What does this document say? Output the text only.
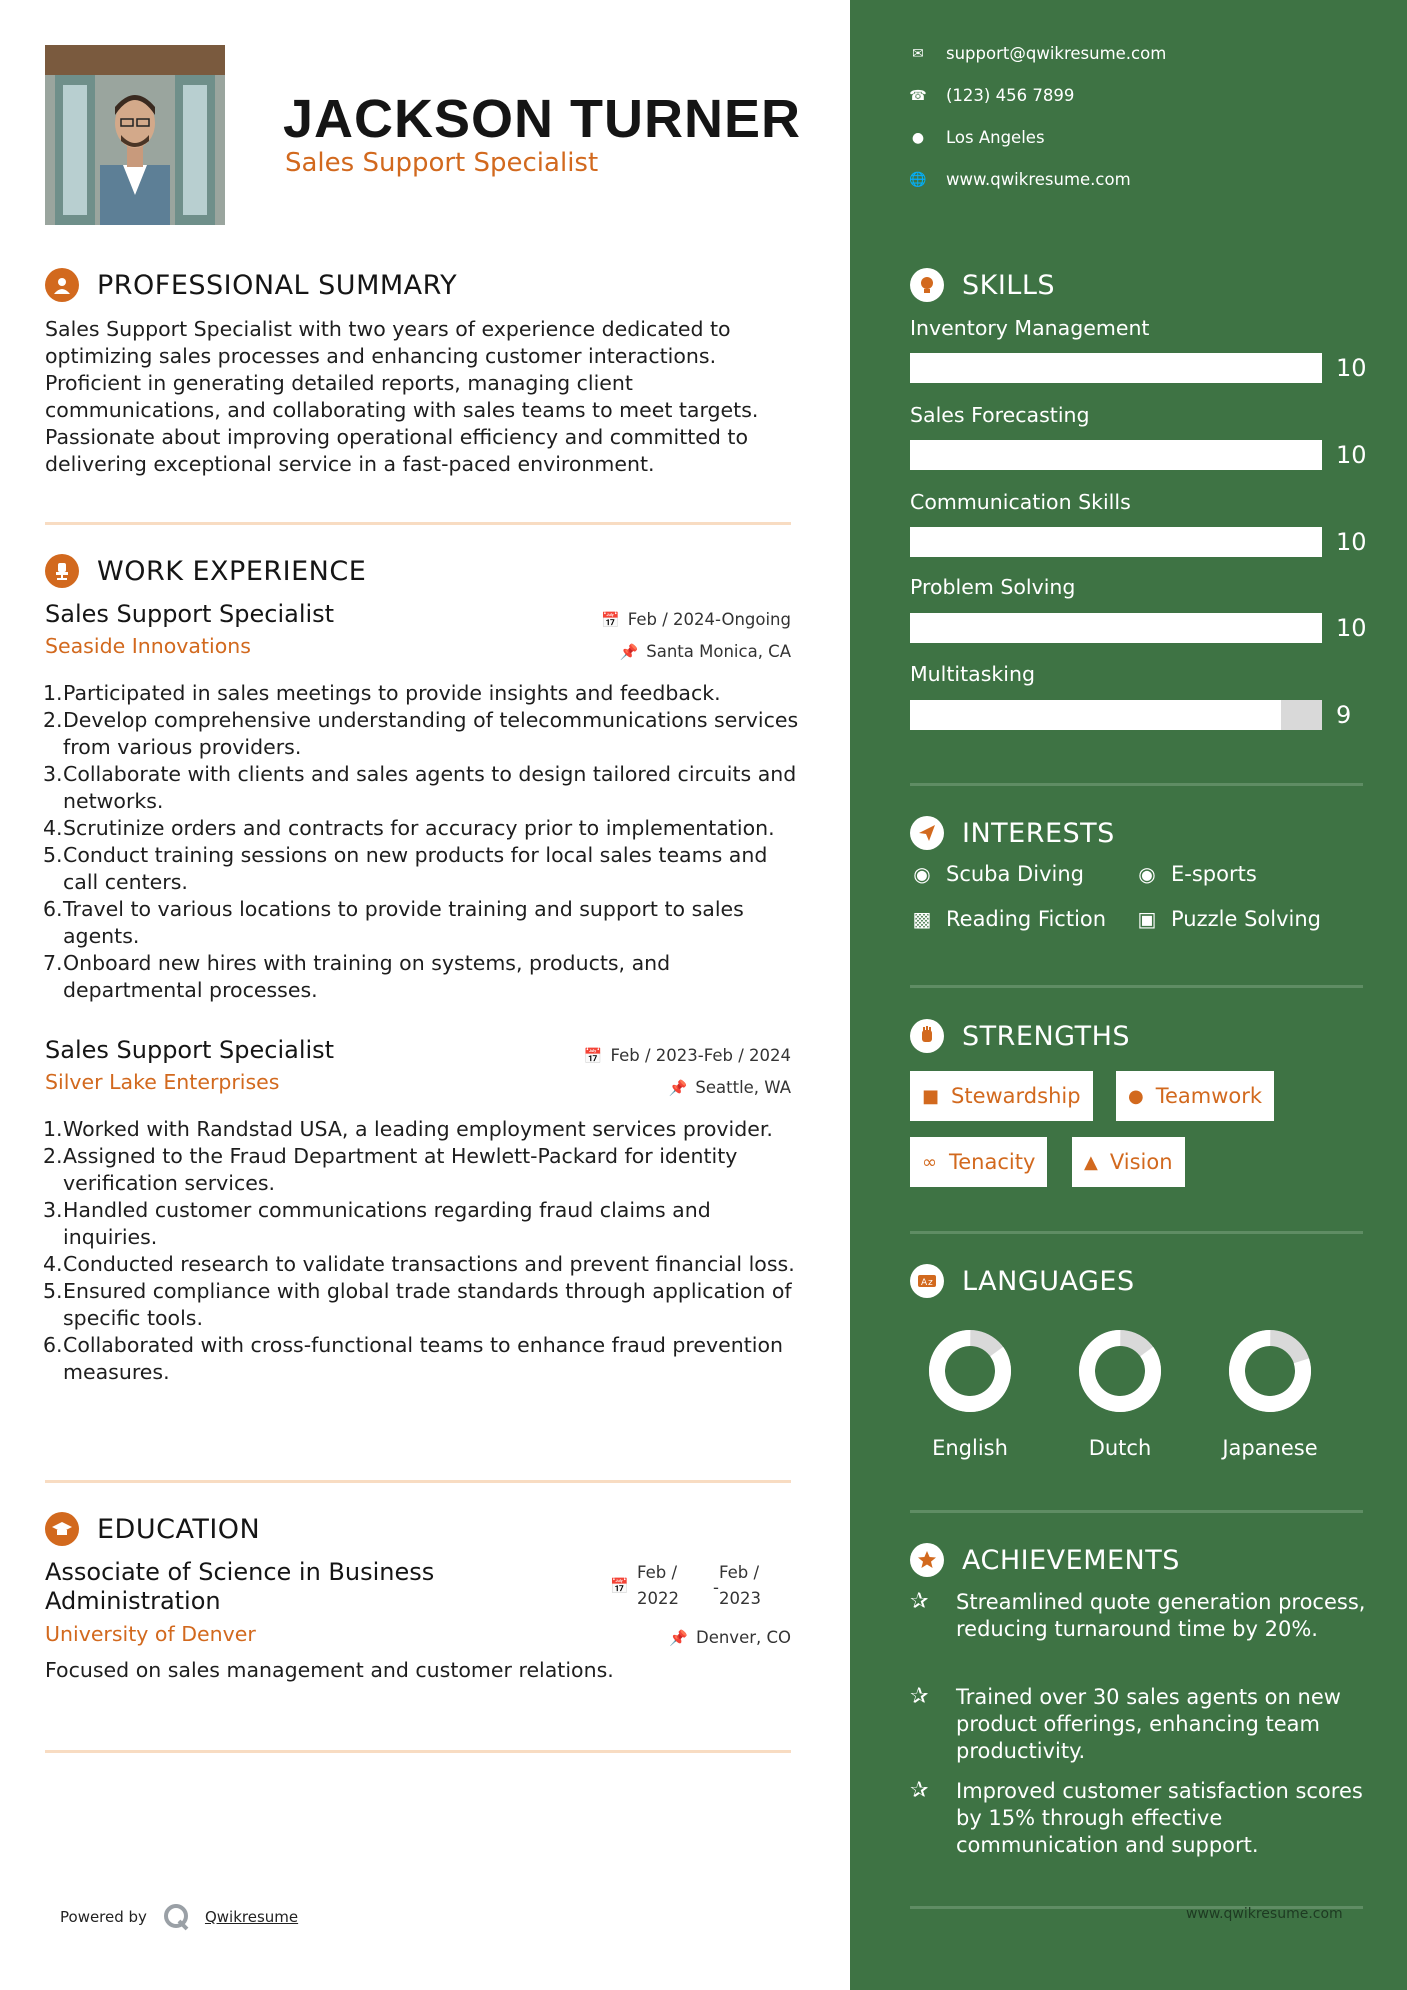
JACKSON TURNER
Sales Support Specialist
PROFESSIONAL SUMMARY
Sales Support Specialist with two years of experience dedicated to optimizing sales processes and enhancing customer interactions. Proficient in generating detailed reports, managing client communications, and collaborating with sales teams to meet targets. Passionate about improving operational efficiency and committed to delivering exceptional service in a fast-paced environment.
WORK EXPERIENCE
Sales Support Specialist
Seaside Innovations
📅 Feb / 2024-Ongoing
📌 Santa Monica, CA
1. Participated in sales meetings to provide insights and feedback.
2. Develop comprehensive understanding of telecommunications services from various providers.
3. Collaborate with clients and sales agents to design tailored circuits and networks.
4. Scrutinize orders and contracts for accuracy prior to implementation.
5. Conduct training sessions on new products for local sales teams and call centers.
6. Travel to various locations to provide training and support to sales agents.
7. Onboard new hires with training on systems, products, and departmental processes.
Sales Support Specialist
Silver Lake Enterprises
📅 Feb / 2023-Feb / 2024
📌 Seattle, WA
1. Worked with Randstad USA, a leading employment services provider.
2. Assigned to the Fraud Department at Hewlett-Packard for identity verification services.
3. Handled customer communications regarding fraud claims and inquiries.
4. Conducted research to validate transactions and prevent financial loss.
5. Ensured compliance with global trade standards through application of specific tools.
6. Collaborated with cross-functional teams to enhance fraud prevention measures.
EDUCATION
Associate of Science in Business
Administration
University of Denver
📅
Feb /
2022
-
Feb /
2023
📌 Denver, CO
Focused on sales management and customer relations.
Powered by	Qwikresume
✉ support@qwikresume.com
☎ (123) 456 7899
● Los Angeles
🌐 www.qwikresume.com
SKILLS
Inventory Management
10
Sales Forecasting
10
Communication Skills
10
Problem Solving
10
Multitasking
9
INTERESTS
◉ Scuba Diving	◉ E-sports
▩ Reading Fiction ▣ Puzzle Solving
STRENGTHS
■ Stewardship	● Teamwork
∞ Tenacity	▲ Vision
A z LANGUAGES
English	Dutch	Japanese
ACHIEVEMENTS
✰	Streamlined quote generation process, reducing turnaround time by 20%.
✰	Trained over 30 sales agents on new product offerings, enhancing team productivity.
✰	Improved customer satisfaction scores by 15% through effective communication and support.
www.qwikresume.com
